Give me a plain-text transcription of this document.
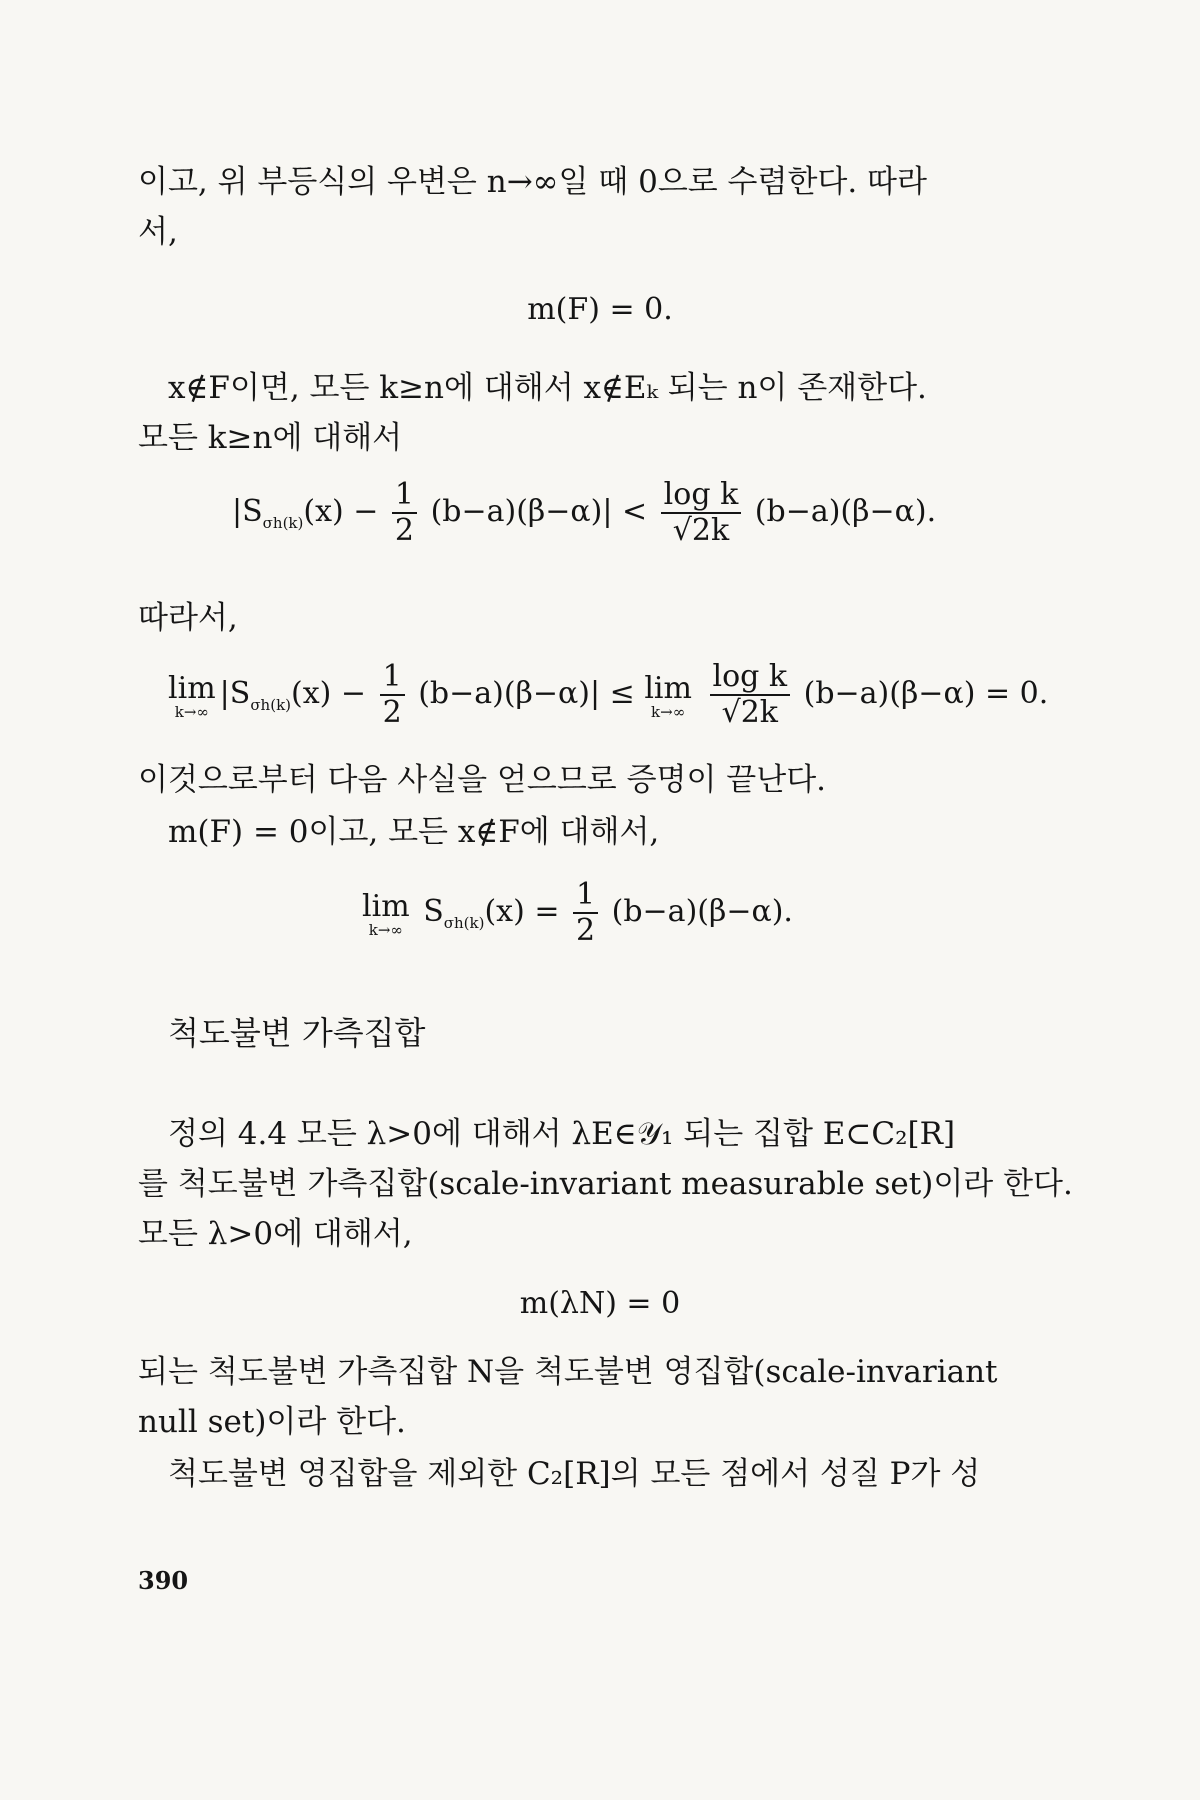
이고, 위 부등식의 우변은 n→∞일 때 0으로 수렴한다. 따라
서,
m(F) = 0.
x∉F이면, 모든 k≥n에 대해서 x∉Eₖ 되는 n이 존재한다.
모든 k≥n에 대해서
$|S_{\sigma h(k)}(x) - \frac{1}{2} (b-a)(\beta-\alpha)| < \frac{\text{log k}}{√2k} (b-a)(\beta-\alpha)$.
따라서,
lim
k→∞
$|S_{\sigma h(k)}(x) - \frac{1}{2} (b-a)(\beta-\alpha)| \le \lim$
k→∞
$\frac{\text{log k}}{√2k} (b-a)(\beta-\alpha) = 0$.
이것으로부터 다음 사실을 얻으므로 증명이 끝난다.
m(F) = 0이고, 모든 x∉F에 대해서,
lim
k→∞
$S_{\sigma h(k)}(x) = \frac{1}{2} (b-a)(\beta-\alpha)$.
척도불변 가측집합
정의 4.4 모든 λ>0에 대해서 λE∈𝒴₁ 되는 집합 E⊂C₂[R]
를 척도불변 가측집합(scale-invariant measurable set)이라 한다.
모든 λ>0에 대해서,
m(λN) = 0
되는 척도불변 가측집합 N을 척도불변 영집합(scale-invariant
null set)이라 한다.
척도불변 영집합을 제외한 C₂[R]의 모든 점에서 성질 P가 성
390
